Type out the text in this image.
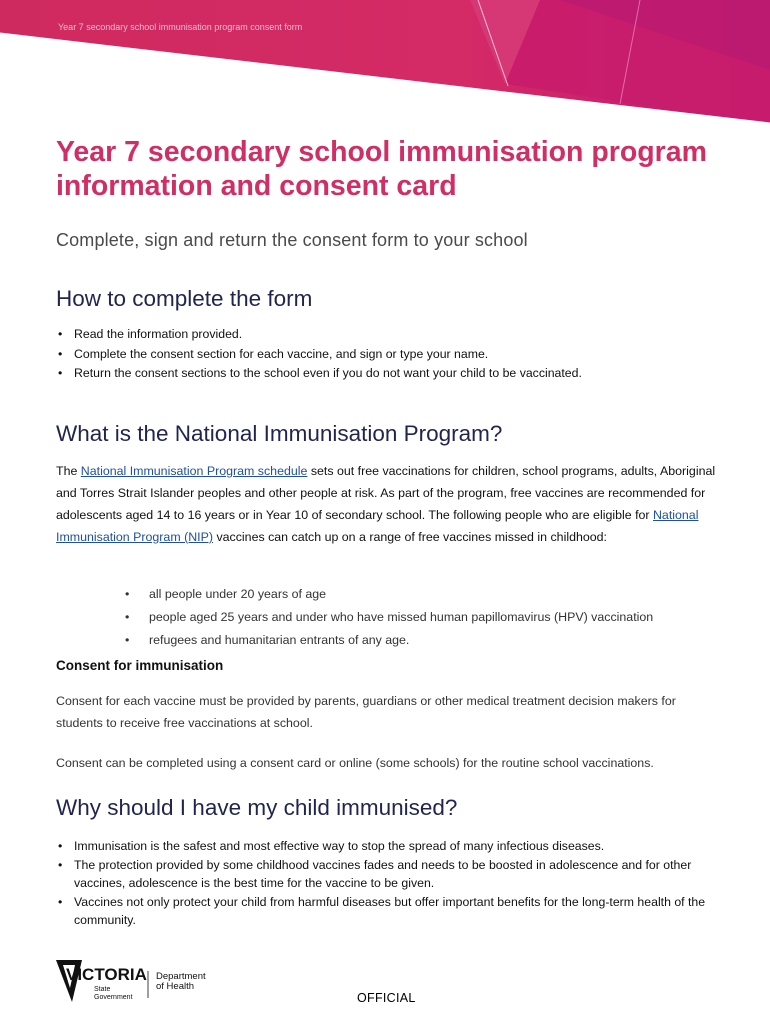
Year 7 secondary school immunisation program consent form
Year 7 secondary school immunisation program information and consent card

Complete, sign and return the consent form to your school

How to complete the form
• Read the information provided.
• Complete the consent section for each vaccine, and sign or type your name.
• Return the consent sections to the school even if you do not want your child to be vaccinated.
What is the National Immunisation Program?

The National Immunisation Program schedule sets out free vaccinations for children, school programs, adults, Aboriginal and Torres Strait Islander peoples and other people at risk. As part of the program, free vaccines are recommended for adolescents aged 14 to 16 years or in Year 10 of secondary school. The following people who are eligible for National Immunisation Program (NIP) vaccines can catch up on a range of free vaccines missed in childhood:

• all people under 20 years of age
• people aged 25 years and under who have missed human papillomavirus (HPV) vaccination
• refugees and humanitarian entrants of any age.
Consent for immunisation

Consent for each vaccine must be provided by parents, guardians or other medical treatment decision makers for students to receive free vaccinations at school.

Consent can be completed using a consent card or online (some schools) for the routine school vaccinations.

Why should I have my child immunised?
• Immunisation is the safest and most effective way to stop the spread of many infectious diseases.
• The protection provided by some childhood vaccines fades and needs to be boosted in adolescence and for other vaccines, adolescence is the best time for the vaccine to be given.
• Vaccines not only protect your child from harmful diseases but offer important benefits for the long-term health of the community.
VICTORIA
State
Government
Department
of Health
OFFICIAL
